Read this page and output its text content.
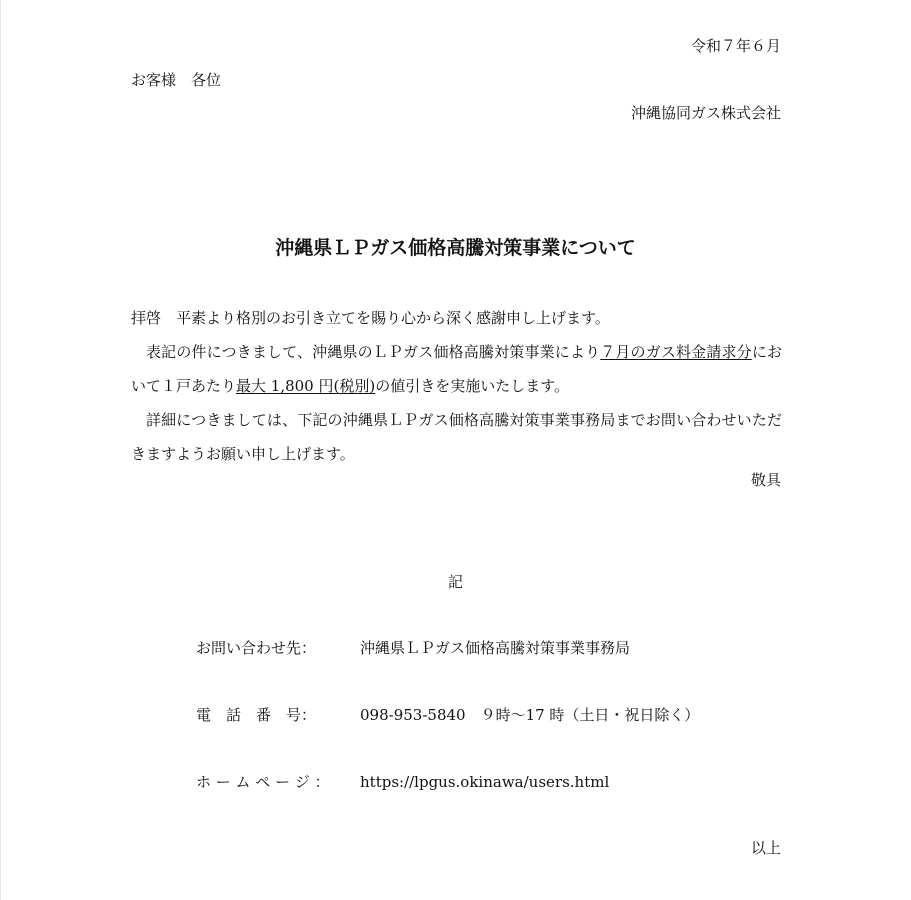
令和７年６月
お客様　各位
沖縄協同ガス株式会社
沖縄県ＬＰガス価格高騰対策事業について

拝啓　平素より格別のお引き立てを賜り心から深く感謝申し上げます。

表記の件につきまして、沖縄県のＬＰガス価格高騰対策事業により７月のガス料金請求分において１戸あたり最大 1,800 円(税別)の値引きを実施いたします。

詳細につきましては、下記の沖縄県ＬＰガス価格高騰対策事業事務局までお問い合わせいただきますようお願い申し上げます。

敬具
記
お問い合わせ先：	沖縄県ＬＰガス価格高騰対策事業事務局
電　話　番　号：	098-953-5840　９時～17 時（土日・祝日除く）
ホ ー ム ペ ー ジ ：	https://lpgus.okinawa/users.html
以上
